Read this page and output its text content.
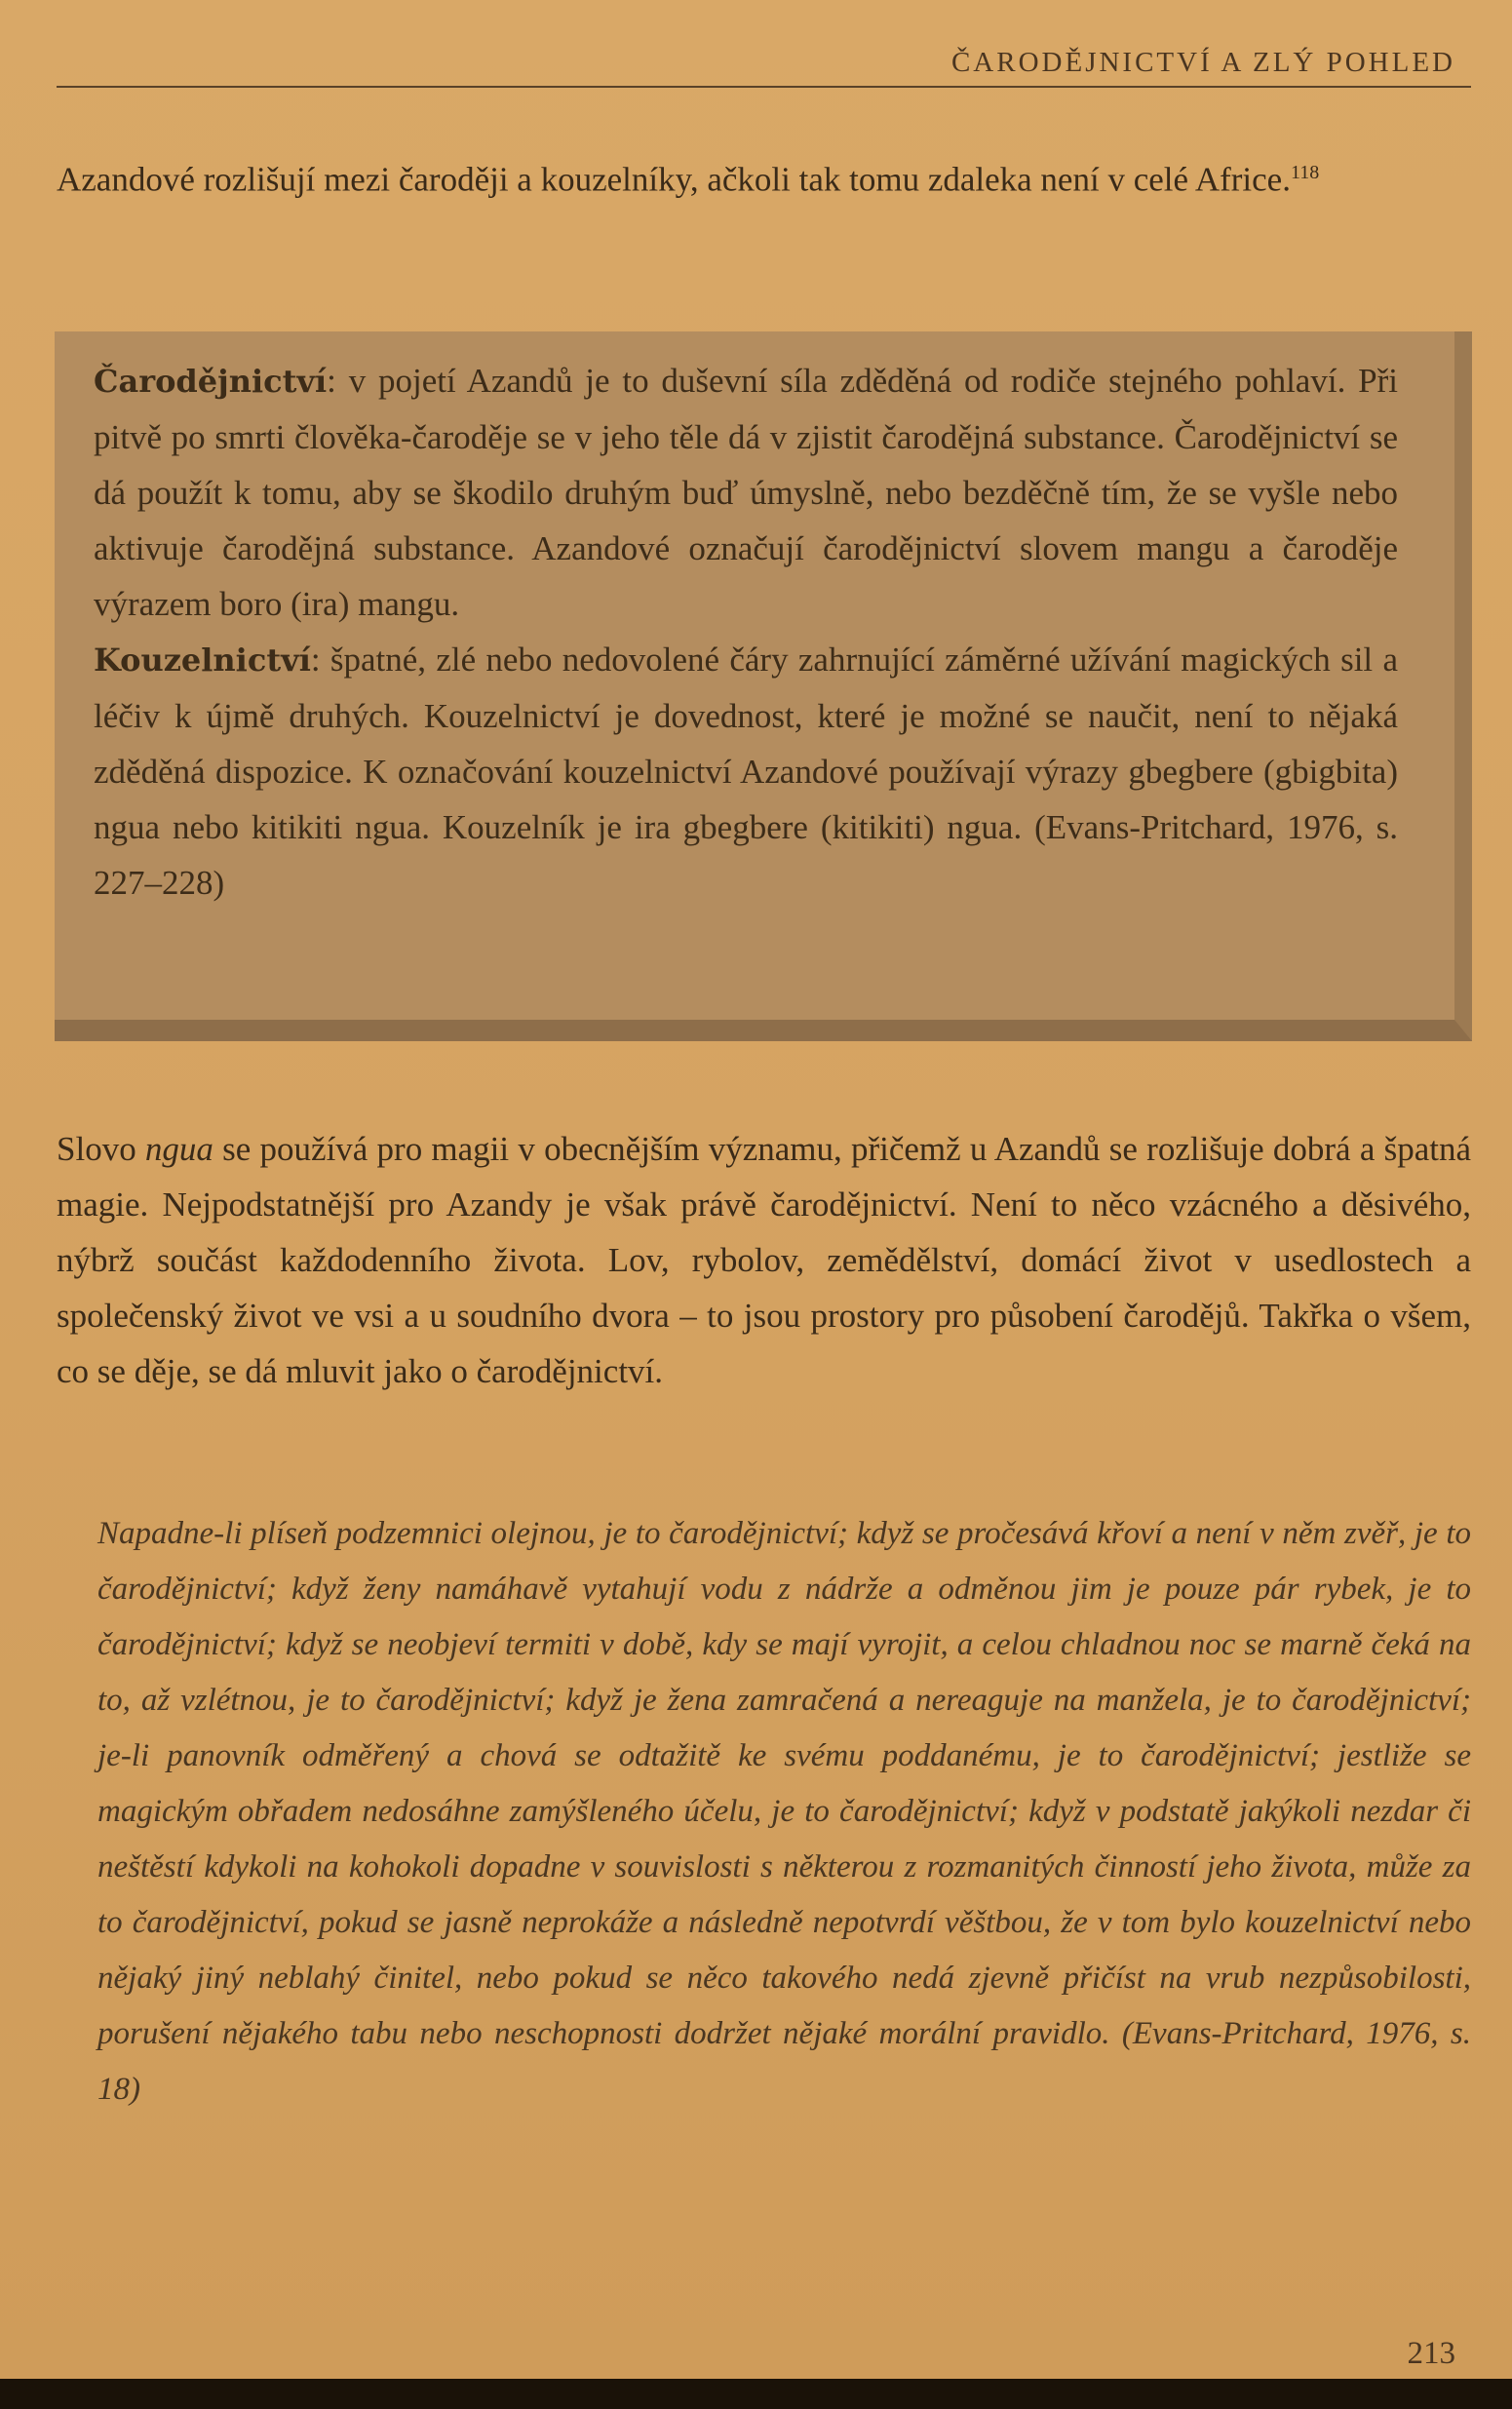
ČARODĚJNICTVÍ A ZLÝ POHLED

Azandové rozlišují mezi čaroději a kouzelníky, ačkoli tak tomu zdaleka není v celé Africe.$^{118}$

Čarodějnictví: v pojetí Azandů je to duševní síla zděděná od rodiče stejného pohlaví. Při pitvě po smrti člověka-čaroděje se v jeho těle dá v zjistit čarodějná substance. Čarodějnictví se dá použít k tomu, aby se škodilo druhým buď úmyslně, nebo bezděčně tím, že se vyšle nebo aktivuje čarodějná substance. Azandové označují čarodějnictví slovem mangu a čaroděje výrazem boro (ira) mangu.

Kouzelnictví: špatné, zlé nebo nedovolené čáry zahrnující záměrné užívání magických sil a léčiv k újmě druhých. Kouzelnictví je dovednost, které je možné se naučit, není to nějaká zděděná dispozice. K označování kouzelnictví Azandové používají výrazy gbegbere (gbigbita) ngua nebo kitikiti ngua. Kouzelník je ira gbegbere (kitikiti) ngua. (Evans-Pritchard, 1976, s. 227–228)

Slovo ngua se používá pro magii v obecnějším významu, přičemž u Azandů se rozlišuje dobrá a špatná magie. Nejpodstatnější pro Azandy je však právě čarodějnictví. Není to něco vzácného a děsivého, nýbrž součást každodenního života. Lov, rybolov, zemědělství, domácí život v usedlostech a společenský život ve vsi a u soudního dvora – to jsou prostory pro působení čarodějů. Takřka o všem, co se děje, se dá mluvit jako o čarodějnictví.

Napadne-li plíseň podzemnici olejnou, je to čarodějnictví; když se pročesává křoví a není v něm zvěř, je to čarodějnictví; když ženy namáhavě vytahují vodu z nádrže a odměnou jim je pouze pár rybek, je to čarodějnictví; když se neobjeví termiti v době, kdy se mají vyrojit, a celou chladnou noc se marně čeká na to, až vzlétnou, je to čarodějnictví; když je žena zamračená a nereaguje na manžela, je to čarodějnictví; je-li panovník odměřený a chová se odtažitě ke svému poddanému, je to čarodějnictví; jestliže se magickým obřadem nedosáhne zamýšleného účelu, je to čarodějnictví; když v podstatě jakýkoli nezdar či neštěstí kdykoli na kohokoli dopadne v souvislosti s některou z rozmanitých činností jeho života, může za to čarodějnictví, pokud se jasně neprokáže a následně nepotvrdí věštbou, že v tom bylo kouzelnictví nebo nějaký jiný neblahý činitel, nebo pokud se něco takového nedá zjevně přičíst na vrub nezpůsobilosti, porušení nějakého tabu nebo neschopnosti dodržet nějaké morální pravidlo. (Evans-Pritchard, 1976, s. 18)

213
